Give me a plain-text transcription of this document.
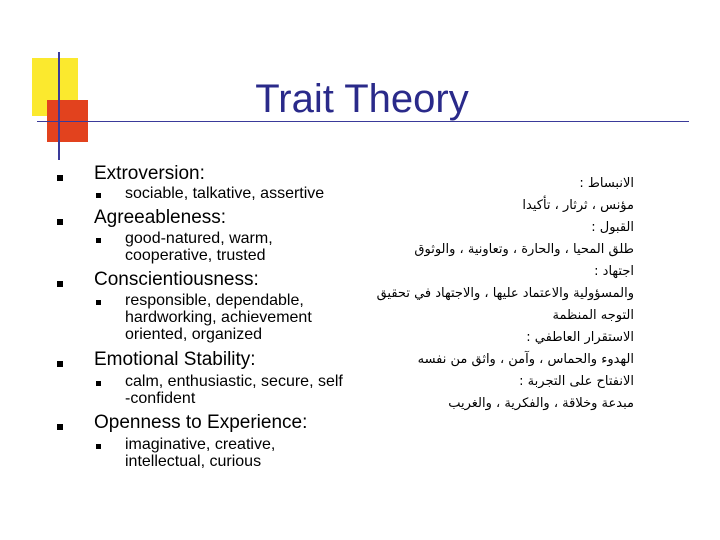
Trait Theory
Extroversion:
sociable, talkative, assertive
Agreeableness:
good-natured, warm,
cooperative, trusted
Conscientiousness:
responsible, dependable,
hardworking, achievement
oriented, organized
Emotional Stability:
calm, enthusiastic, secure, self
-confident
Openness to Experience:
imaginative, creative,
intellectual, curious
الانبساط :
مؤنس ، ثرثار ، تأكيدا
القبول :
طلق المحيا ، والحارة ، وتعاونية ، والوثوق
اجتهاد :
والمسؤولية والاعتماد عليها ، والاجتهاد في تحقيق
التوجه المنظمة
الاستقرار العاطفي :
الهدوء والحماس ، وآمن ، واثق من نفسه
الانفتاح على التجربة :
مبدعة وخلاقة ، والفكرية ، والغريب
